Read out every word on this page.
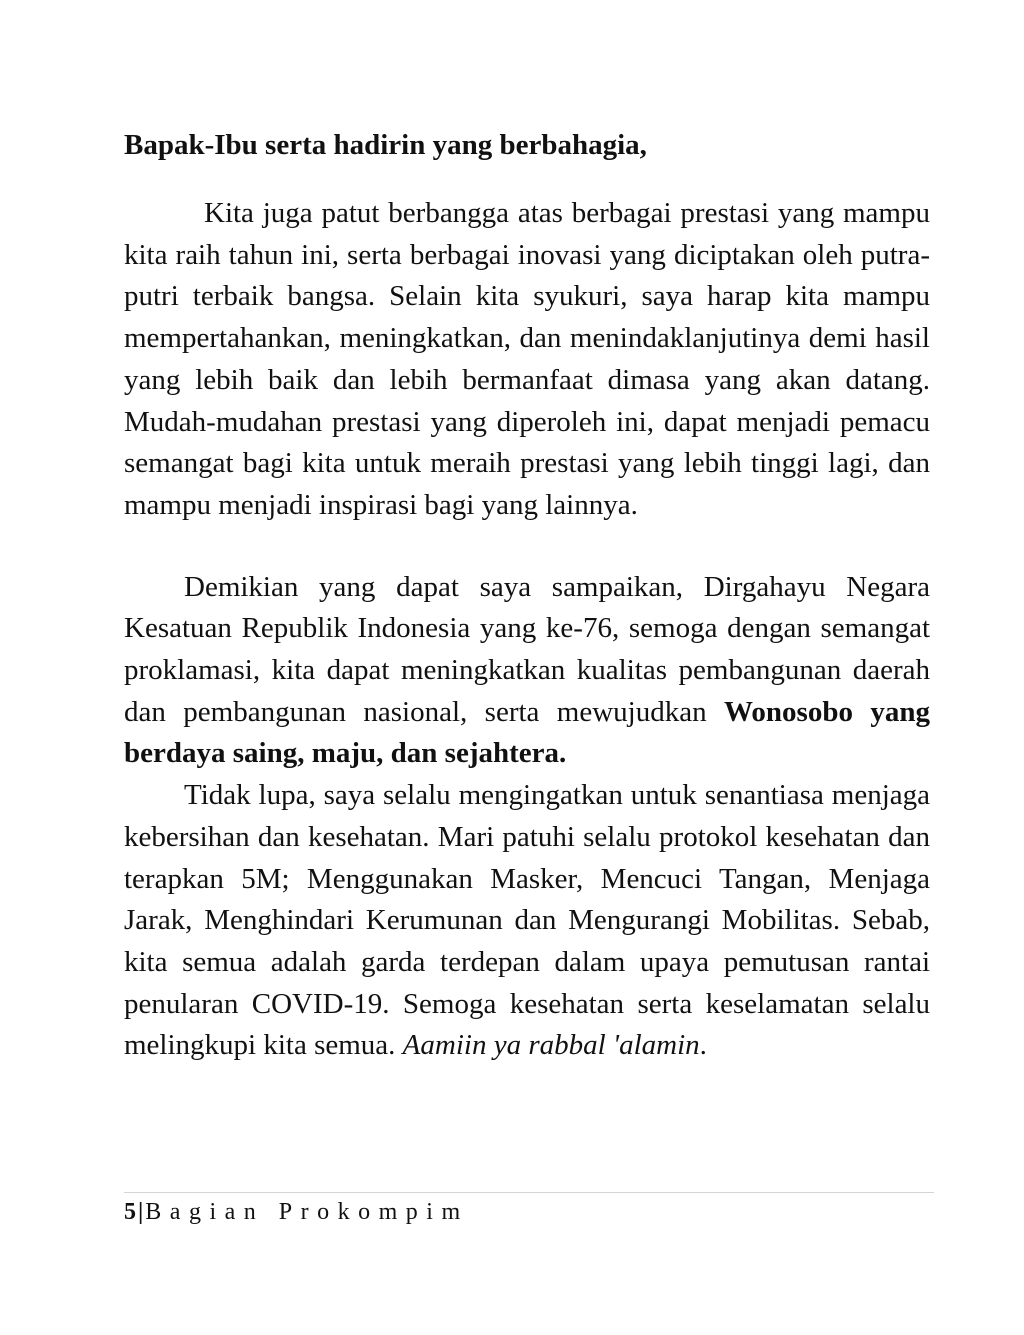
Bapak-Ibu serta hadirin yang berbahagia,

Kita juga patut berbangga atas berbagai prestasi yang mampu kita raih tahun ini, serta berbagai inovasi yang diciptakan oleh putra-putri terbaik bangsa. Selain kita syukuri, saya harap kita mampu mempertahankan, meningkatkan, dan menindaklanjutinya demi hasil yang lebih baik dan lebih bermanfaat dimasa yang akan datang. Mudah-mudahan prestasi yang diperoleh ini, dapat menjadi pemacu semangat bagi kita untuk meraih prestasi yang lebih tinggi lagi, dan mampu menjadi inspirasi bagi yang lainnya.

Demikian yang dapat saya sampaikan, Dirgahayu Negara Kesatuan Republik Indonesia yang ke-76, semoga dengan semangat proklamasi, kita dapat meningkatkan kualitas pembangunan daerah dan pembangunan nasional, serta mewujudkan Wonosobo yang berdaya saing, maju, dan sejahtera.

Tidak lupa, saya selalu mengingatkan untuk senantiasa menjaga kebersihan dan kesehatan. Mari patuhi selalu protokol kesehatan dan terapkan 5M; Menggunakan Masker, Mencuci Tangan, Menjaga Jarak, Menghindari Kerumunan dan Mengurangi Mobilitas. Sebab, kita semua adalah garda terdepan dalam upaya pemutusan rantai penularan COVID-19. Semoga kesehatan serta keselamatan selalu melingkupi kita semua. Aamiin ya rabbal 'alamin.

5|Bagian Prokompim
